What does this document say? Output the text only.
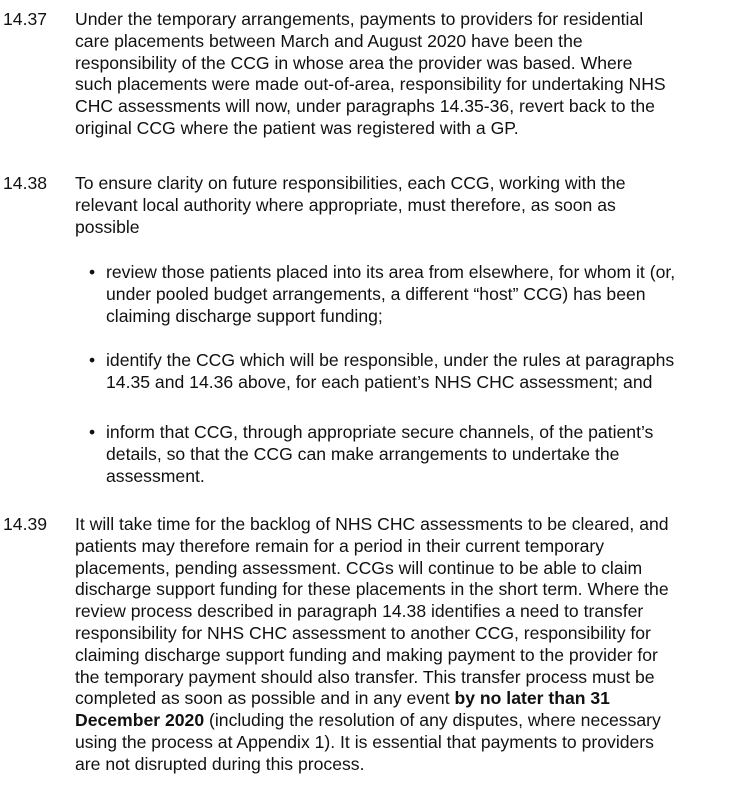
14.37 Under the temporary arrangements, payments to providers for residential
care placements between March and August 2020 have been the
responsibility of the CCG in whose area the provider was based. Where
such placements were made out-of-area, responsibility for undertaking NHS
CHC assessments will now, under paragraphs 14.35-36, revert back to the
original CCG where the patient was registered with a GP.
14.38 To ensure clarity on future responsibilities, each CCG, working with the
relevant local authority where appropriate, must therefore, as soon as
possible
• review those patients placed into its area from elsewhere, for whom it (or,
under pooled budget arrangements, a different “host” CCG) has been
claiming discharge support funding;
• identify the CCG which will be responsible, under the rules at paragraphs
14.35 and 14.36 above, for each patient’s NHS CHC assessment; and
• inform that CCG, through appropriate secure channels, of the patient’s
details, so that the CCG can make arrangements to undertake the
assessment.
14.39 It will take time for the backlog of NHS CHC assessments to be cleared, and
patients may therefore remain for a period in their current temporary
placements, pending assessment. CCGs will continue to be able to claim
discharge support funding for these placements in the short term. Where the
review process described in paragraph 14.38 identifies a need to transfer
responsibility for NHS CHC assessment to another CCG, responsibility for
claiming discharge support funding and making payment to the provider for
the temporary payment should also transfer. This transfer process must be
completed as soon as possible and in any event by no later than 31
December 2020 (including the resolution of any disputes, where necessary
using the process at Appendix 1). It is essential that payments to providers
are not disrupted during this process.
